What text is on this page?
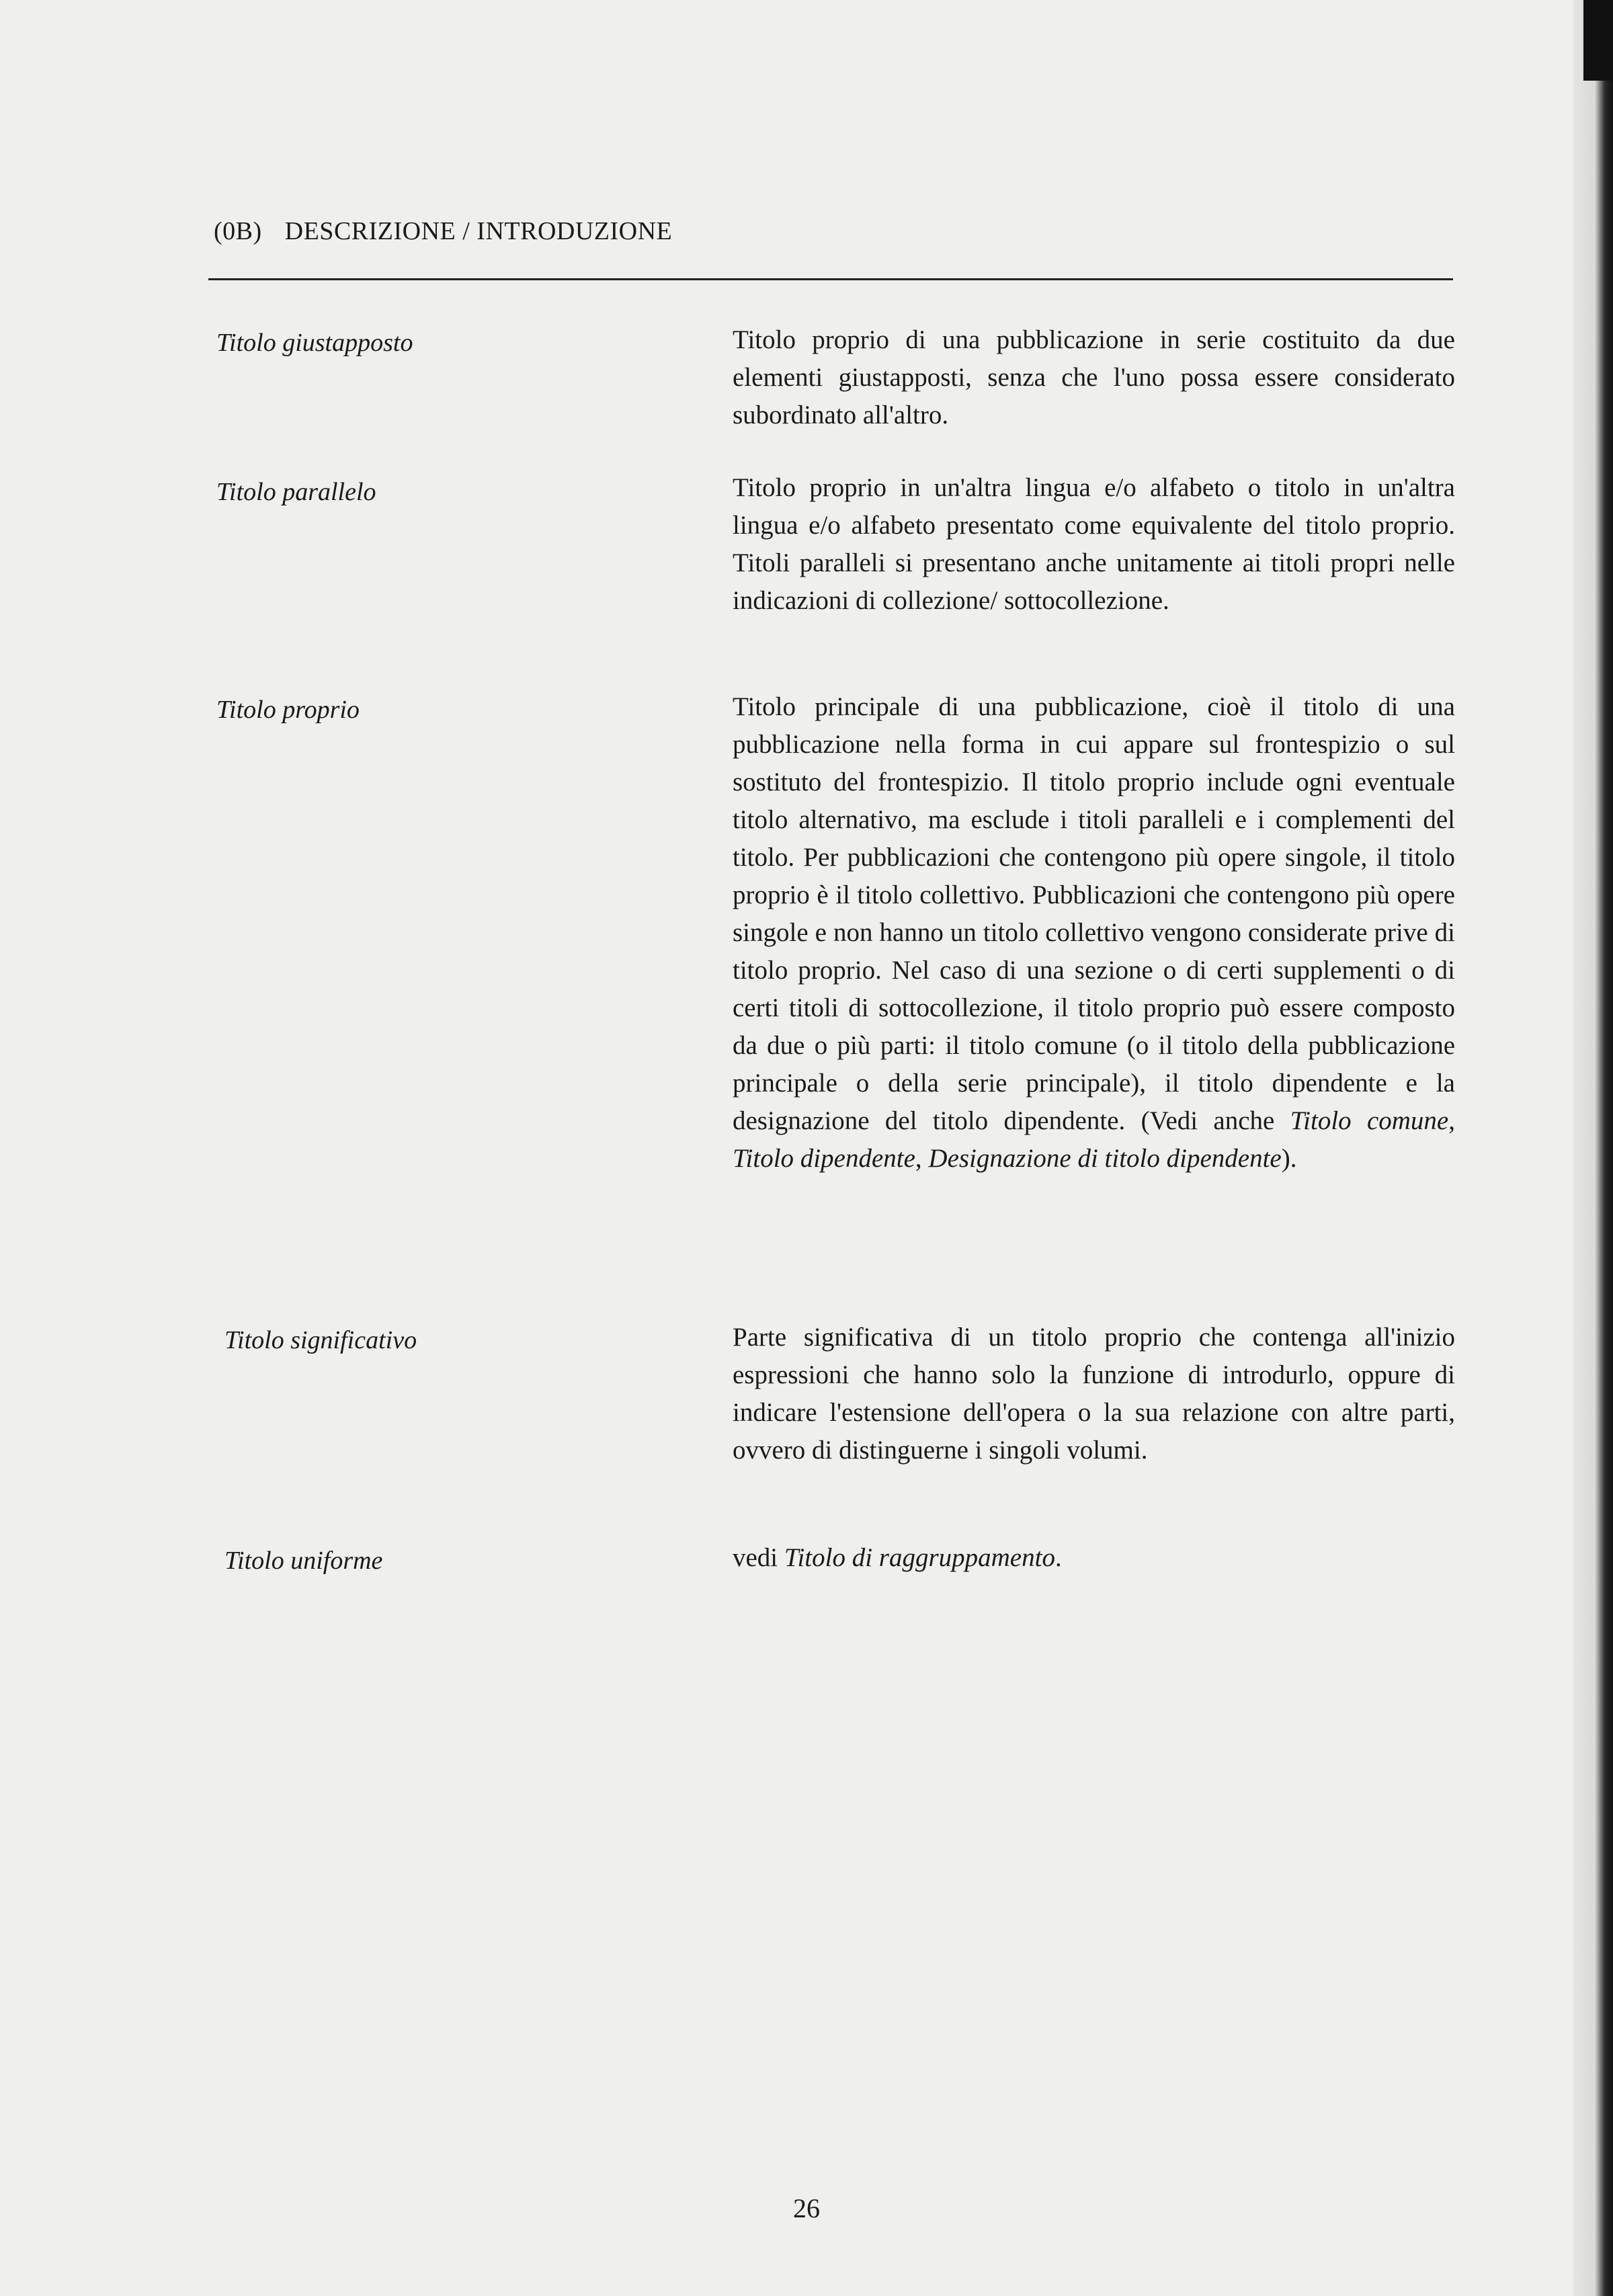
(0B) DESCRIZIONE / INTRODUZIONE
Titolo giustapposto	Titolo proprio di una pubblicazione in serie costituito da due elementi giustapposti, senza che l'uno possa essere considerato subordinato all'altro.

Titolo parallelo	Titolo proprio in un'altra lingua e/o alfabeto o titolo in un'altra lingua e/o alfabeto presentato come equivalente del titolo proprio. Titoli paralleli si presentano anche unitamente ai titoli propri nelle indicazioni di collezione/ sottocollezione.

Titolo proprio	Titolo principale di una pubblicazione, cioè il titolo di una pubblicazione nella forma in cui appare sul frontespizio o sul sostituto del frontespizio. Il titolo proprio include ogni eventuale titolo alternativo, ma esclude i titoli paralleli e i complementi del titolo. Per pubblicazioni che contengono più opere singole, il titolo proprio è il titolo collettivo. Pubblicazioni che contengono più opere singole e non hanno un titolo collettivo vengono considerate prive di titolo proprio. Nel caso di una sezione o di certi supplementi o di certi titoli di sottocollezione, il titolo proprio può essere composto da due o più parti: il titolo comune (o il titolo della pubblicazione principale o della serie principale), il titolo dipendente e la designazione del titolo dipendente. (Vedi anche Titolo comune, Titolo dipendente, Designazione di titolo dipendente).

Titolo significativo	Parte significativa di un titolo proprio che contenga all'inizio espressioni che hanno solo la funzione di introdurlo, oppure di indicare l'estensione dell'opera o la sua relazione con altre parti, ovvero di distinguerne i singoli volumi.

Titolo uniforme	vedi Titolo di raggruppamento.

26
